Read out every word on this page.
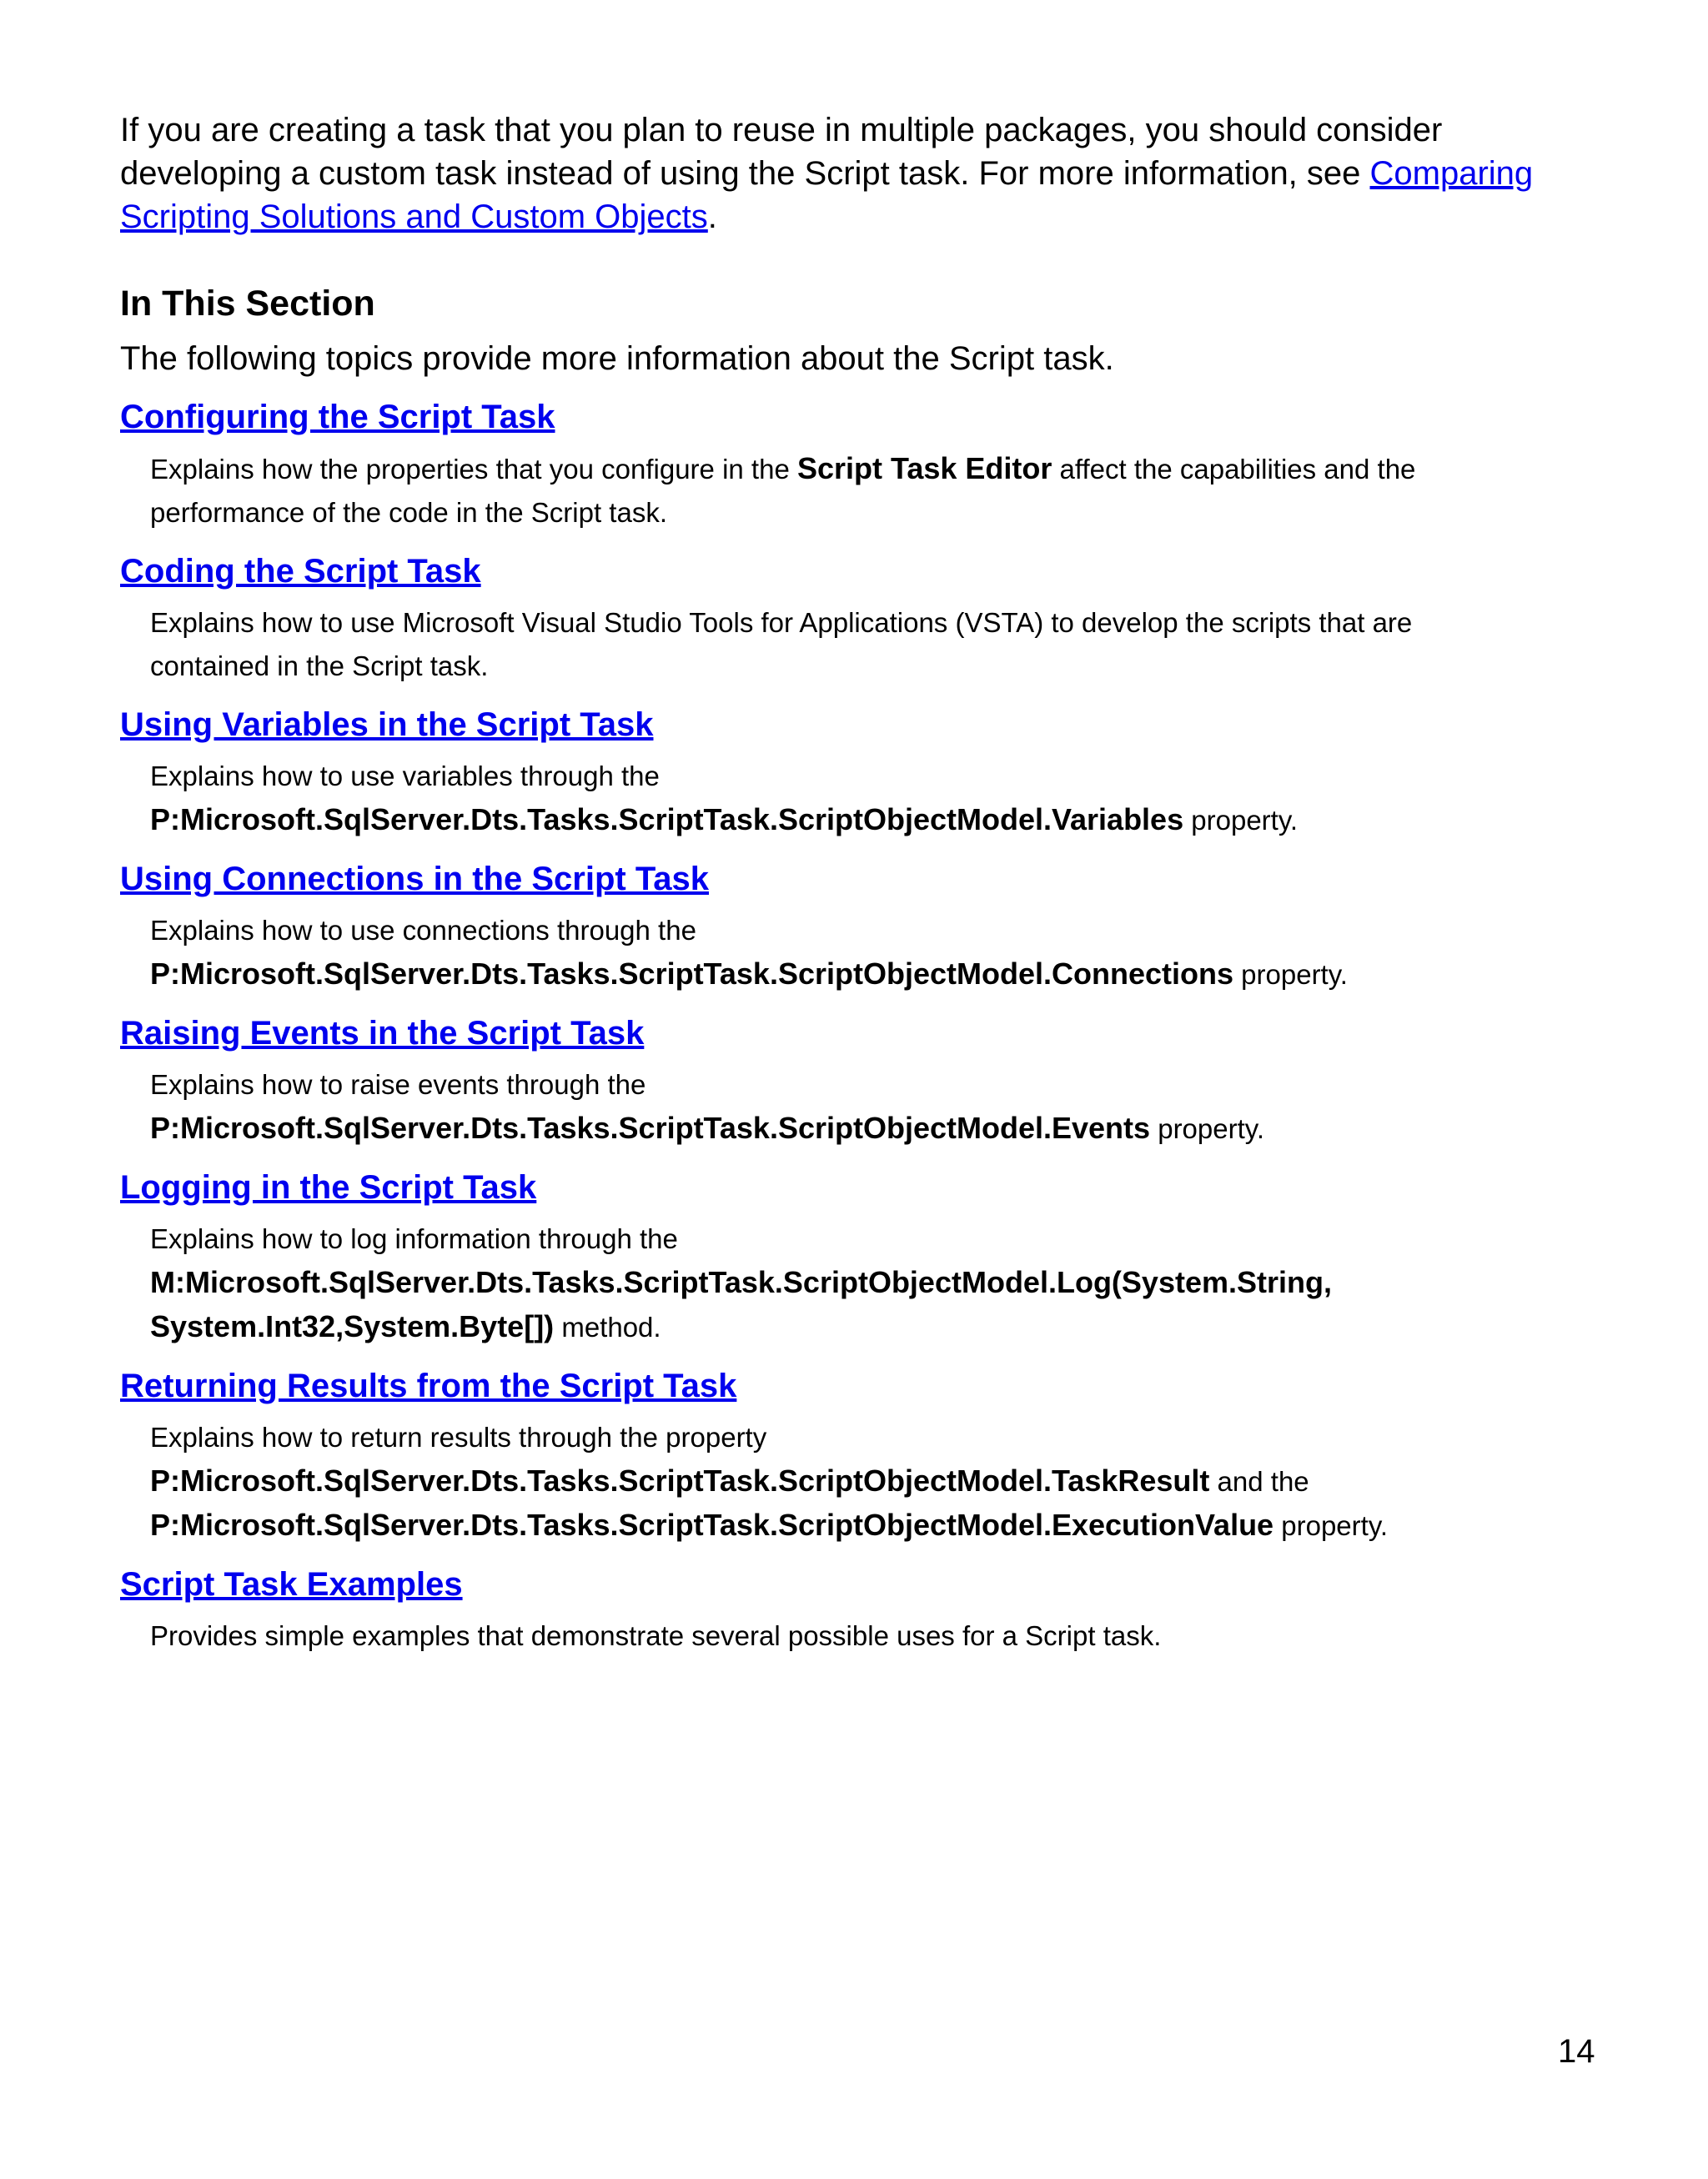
If you are creating a task that you plan to reuse in multiple packages, you should consider developing a custom task instead of using the Script task. For more information, see Comparing Scripting Solutions and Custom Objects.

In This Section

The following topics provide more information about the Script task.

Configuring the Script Task

Explains how the properties that you configure in the Script Task Editor affect the capabilities and the performance of the code in the Script task.

Coding the Script Task

Explains how to use Microsoft Visual Studio Tools for Applications (VSTA) to develop the scripts that are contained in the Script task.

Using Variables in the Script Task

Explains how to use variables through the P:Microsoft.SqlServer.Dts.Tasks.ScriptTask.ScriptObjectModel.Variables property.

Using Connections in the Script Task

Explains how to use connections through the P:Microsoft.SqlServer.Dts.Tasks.ScriptTask.ScriptObjectModel.Connections property.

Raising Events in the Script Task

Explains how to raise events through the P:Microsoft.SqlServer.Dts.Tasks.ScriptTask.ScriptObjectModel.Events property.

Logging in the Script Task

Explains how to log information through the M:Microsoft.SqlServer.Dts.Tasks.ScriptTask.ScriptObjectModel.Log(System.String, System.Int32,System.Byte[]) method.

Returning Results from the Script Task

Explains how to return results through the property P:Microsoft.SqlServer.Dts.Tasks.ScriptTask.ScriptObjectModel.TaskResult and the P:Microsoft.SqlServer.Dts.Tasks.ScriptTask.ScriptObjectModel.ExecutionValue property.

Script Task Examples

Provides simple examples that demonstrate several possible uses for a Script task.

14
